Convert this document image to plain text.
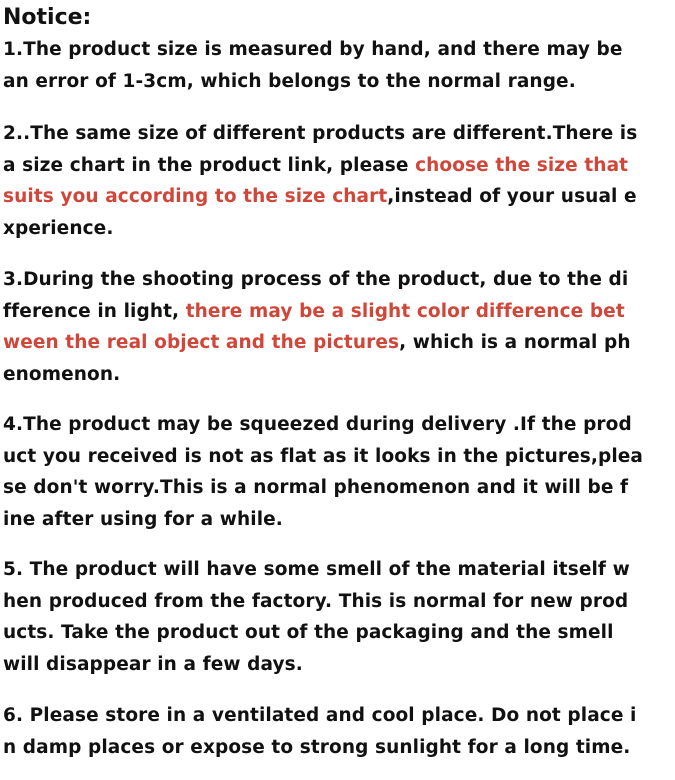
Notice:
1.The product size is measured by hand, and there may be
an error of 1-3cm, which belongs to the normal range.
2..The same size of different products are different.There is
a size chart in the product link, please choose the size that
suits you according to the size chart,instead of your usual e
xperience.
3.During the shooting process of the product, due to the di
fference in light, there may be a slight color difference bet
ween the real object and the pictures, which is a normal ph
enomenon.
4.The product may be squeezed during delivery .If the prod
uct you received is not as flat as it looks in the pictures,plea
se don't worry.This is a normal phenomenon and it will be f
ine after using for a while.
5. The product will have some smell of the material itself w
hen produced from the factory. This is normal for new prod
ucts. Take the product out of the packaging and the smell
will disappear in a few days.
6. Please store in a ventilated and cool place. Do not place i
n damp places or expose to strong sunlight for a long time.
